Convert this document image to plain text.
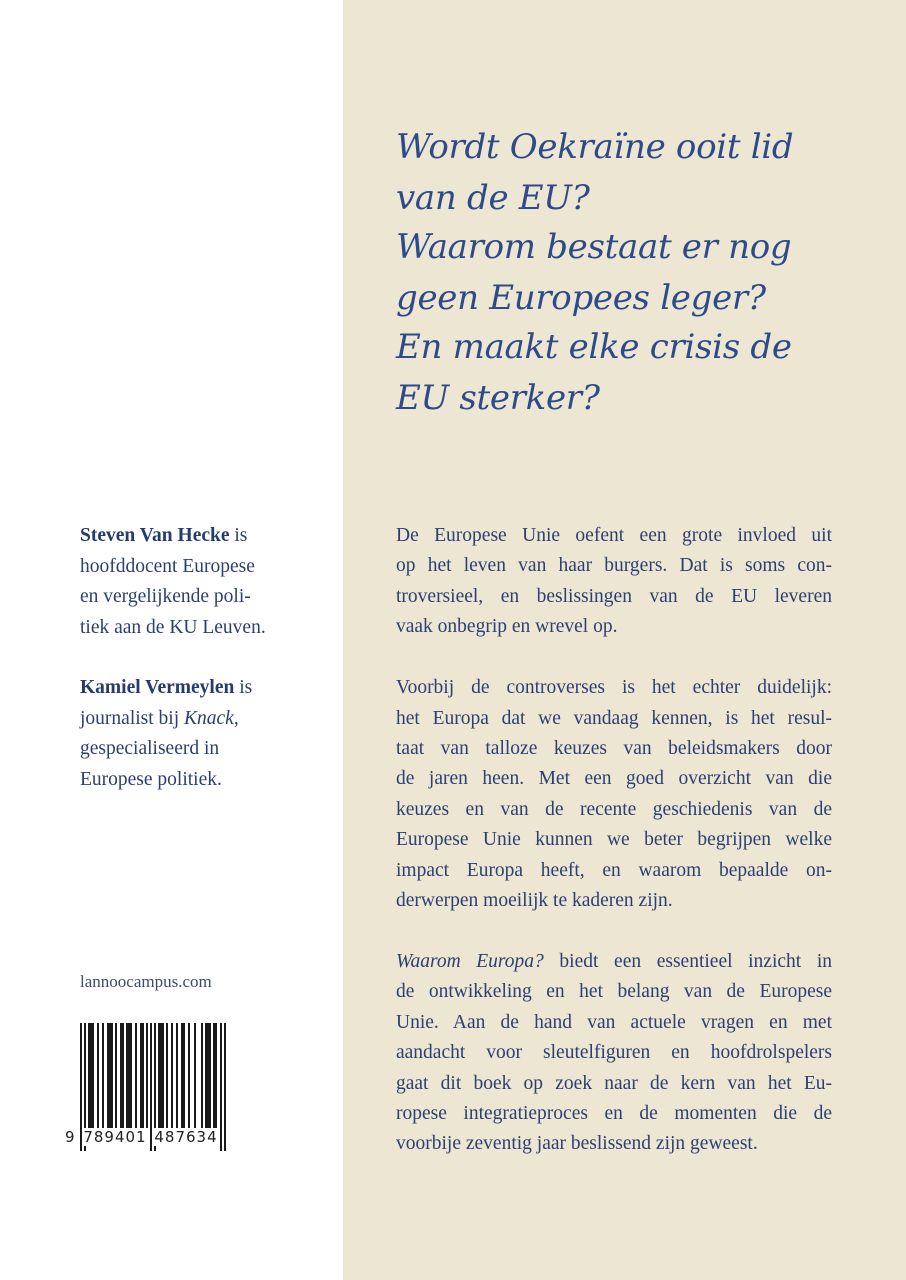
Wordt Oekraïne ooit lid
van de EU?

Waarom bestaat er nog
geen Europees leger?

En maakt elke crisis de
EU sterker?

Steven Van Hecke is
hoofddocent Europese
en vergelijkende poli-
tiek aan de KU Leuven.

Kamiel Vermeylen is
journalist bij Knack,
gespecialiseerd in
Europese politiek.

De Europese Unie oefent een grote invloed uit
op het leven van haar burgers. Dat is soms con-
troversieel, en beslissingen van de EU leveren
vaak onbegrip en wrevel op.

Voorbij de controverses is het echter duidelijk:
het Europa dat we vandaag kennen, is het resul-
taat van talloze keuzes van beleidsmakers door
de jaren heen. Met een goed overzicht van die
keuzes en van de recente geschiedenis van de
Europese Unie kunnen we beter begrijpen welke
impact Europa heeft, en waarom bepaalde on-
derwerpen moeilijk te kaderen zijn.

Waarom Europa? biedt een essentieel inzicht in
de ontwikkeling en het belang van de Europese
Unie. Aan de hand van actuele vragen en met
aandacht voor sleutelfiguren en hoofdrolspelers
gaat dit boek op zoek naar de kern van het Eu-
ropese integratieproces en de momenten die de
voorbije zeventig jaar beslissend zijn geweest.

lannoocampus.com
9 789401 487634
